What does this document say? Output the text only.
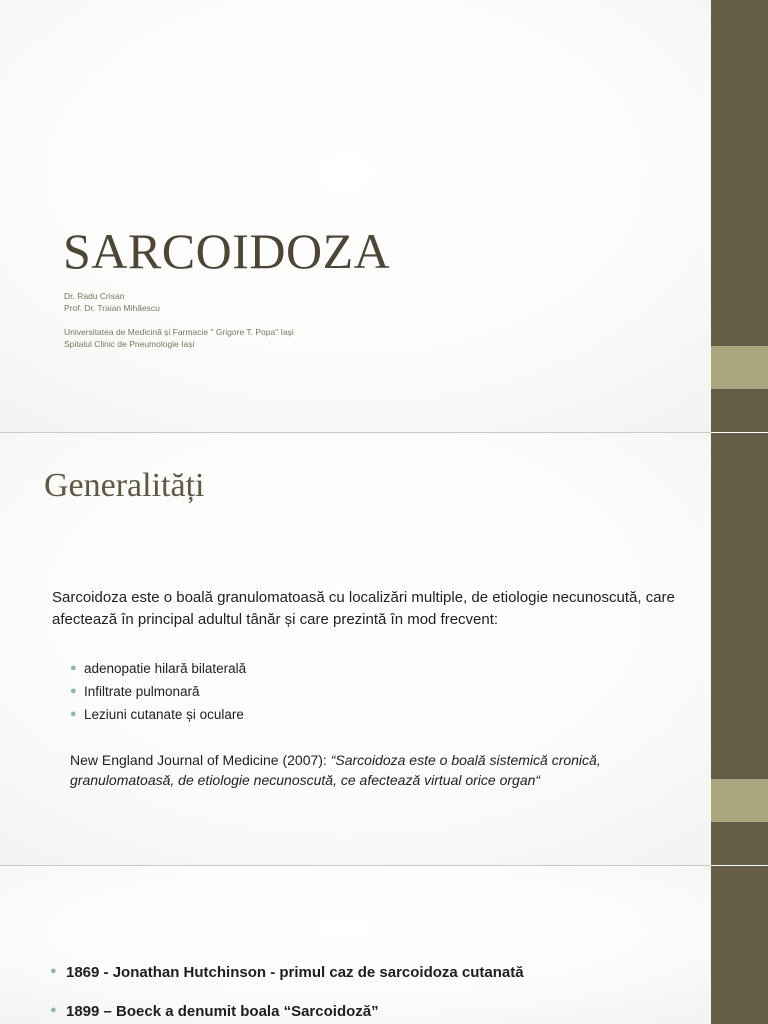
SARCOIDOZA
Dr. Radu Crisan
Prof. Dr. Traian Mihăescu
Universitatea de Medicină și Farmacie " Grigore T. Popa" Iași
Spitalul Clinic de Pneumologie Iași
Generalități

Sarcoidoza este o boală granulomatoasă cu localizări multiple, de etiologie necunoscută, care afectează în principal adultul tânăr și care prezintă în mod frecvent:

● adenopatie hilară bilaterală
● Infiltrate pulmonară
● Leziuni cutanate și oculare

New England Journal of Medicine (2007): “Sarcoidoza este o boală sistemică cronică, granulomatoasă, de etiologie necunoscută, ce afectează virtual orice organ“

● 1869 - Jonathan Hutchinson - primul caz de sarcoidoza cutanată
● 1899 – Boeck a denumit boala “Sarcoidoză”
